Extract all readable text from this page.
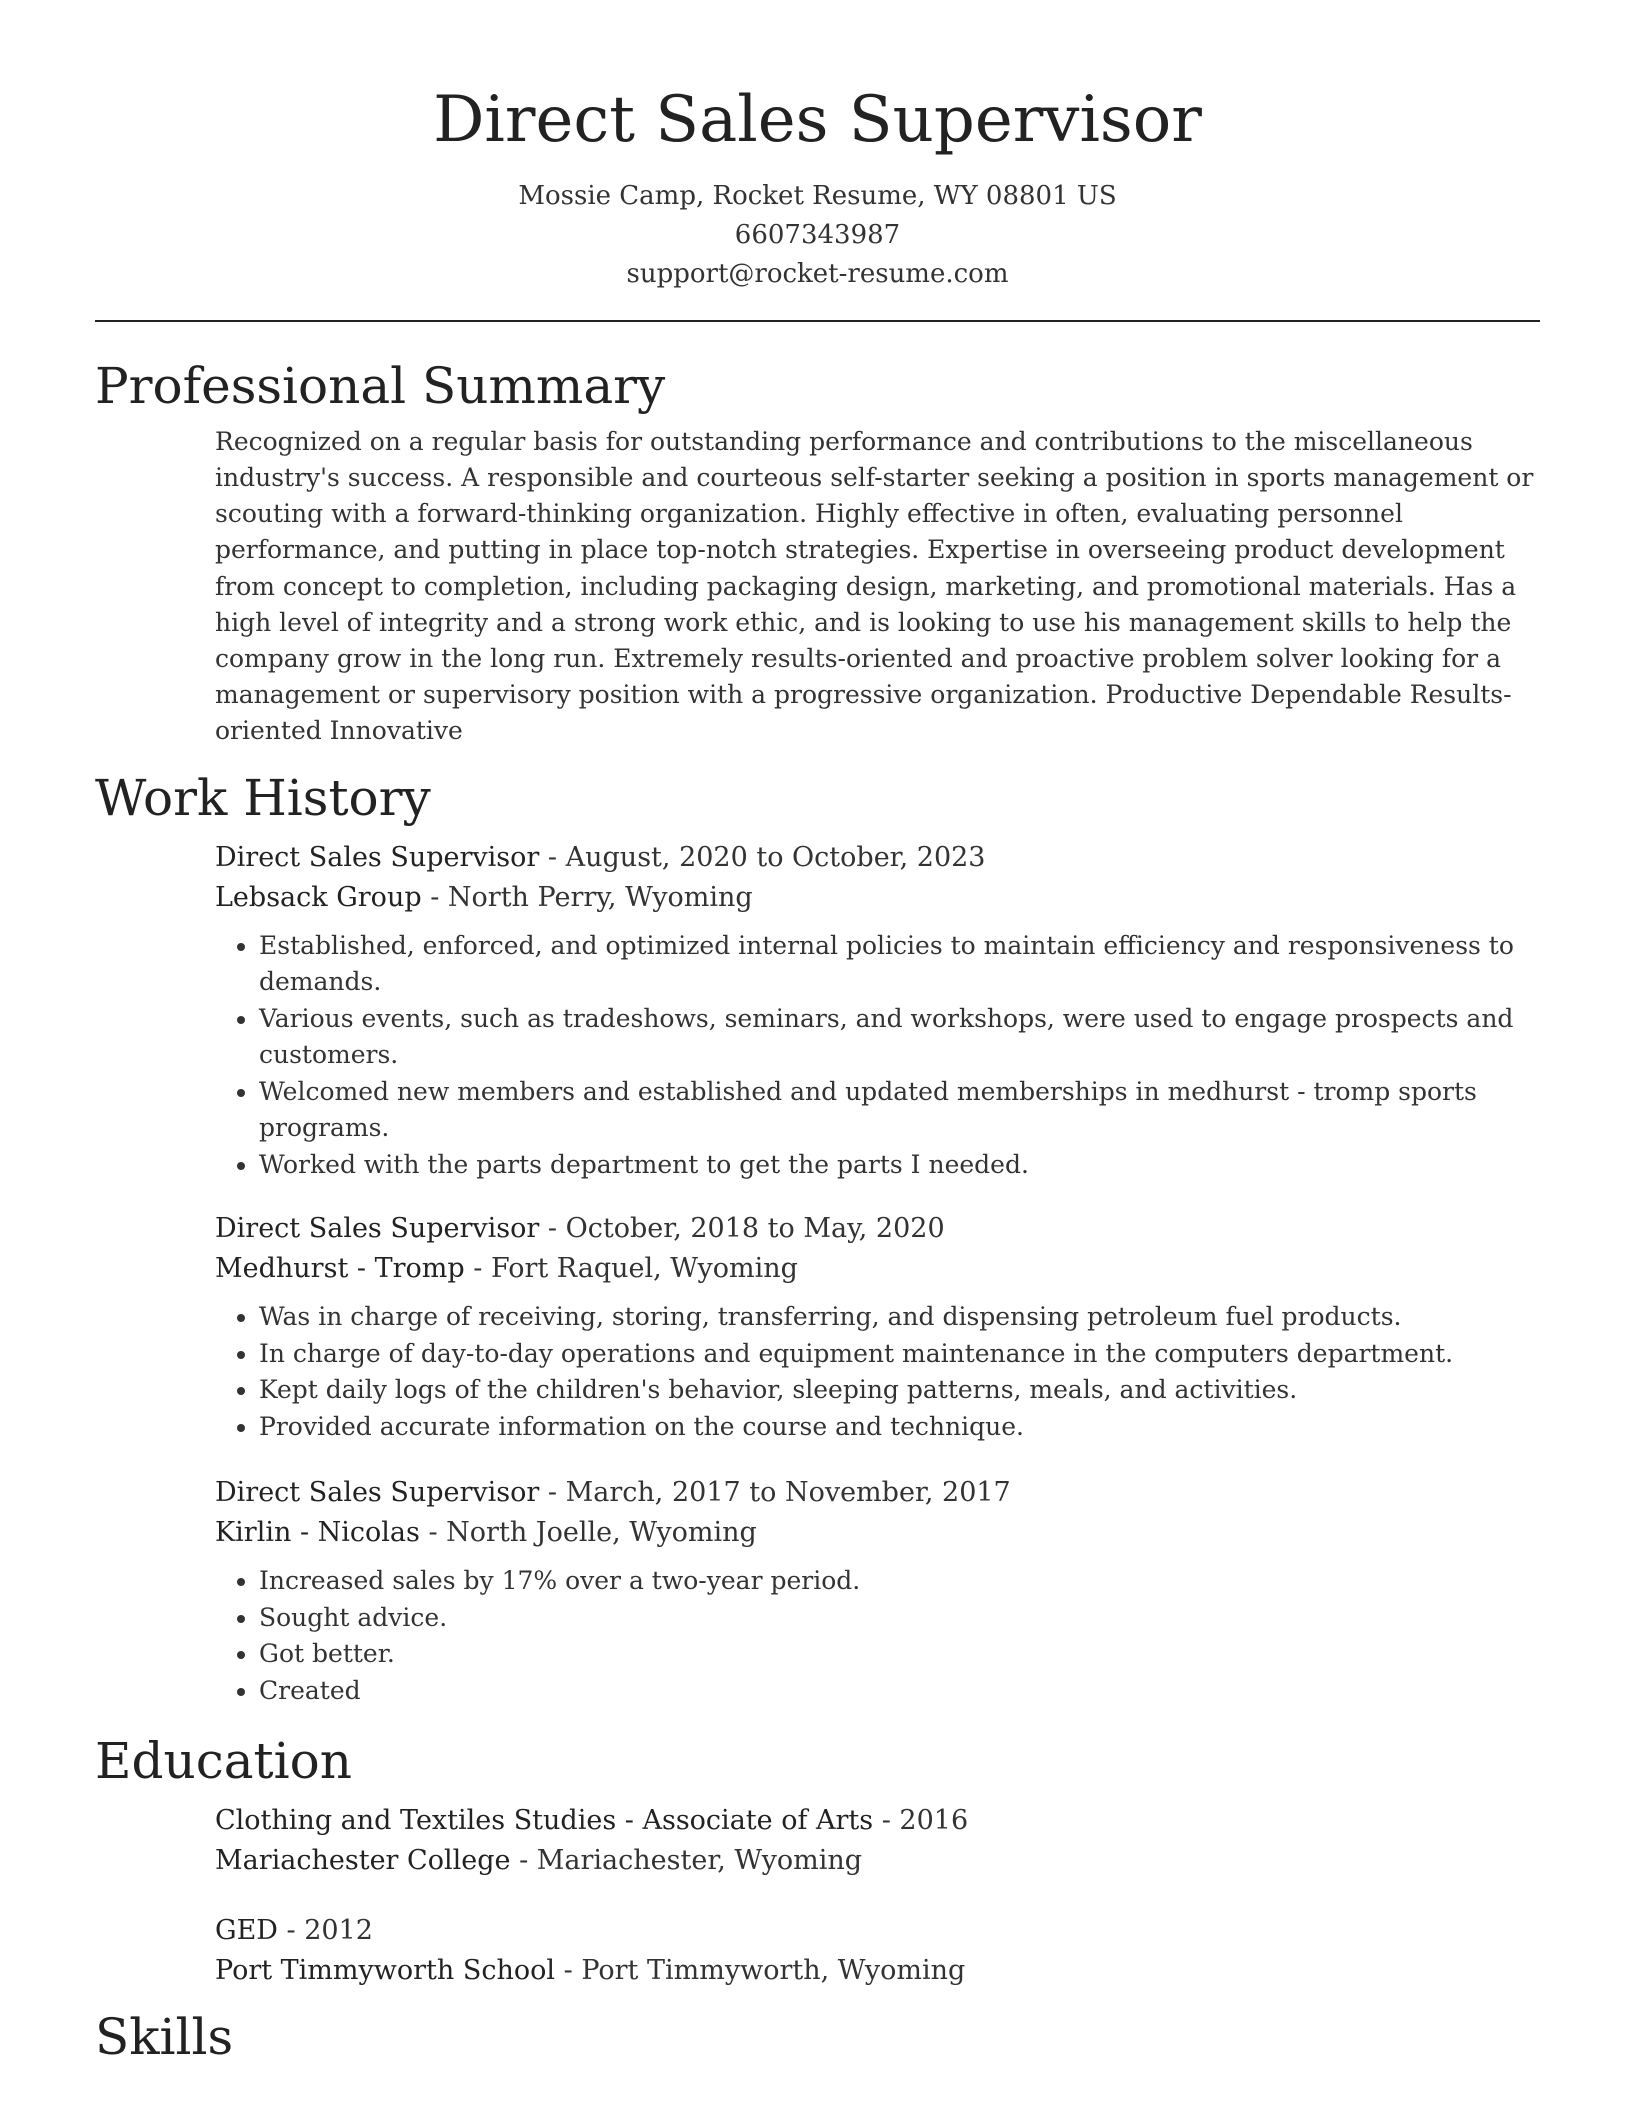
Direct Sales Supervisor
Mossie Camp, Rocket Resume, WY 08801 US
6607343987
support@rocket-resume.com
Professional Summary

Recognized on a regular basis for outstanding performance and contributions to the miscellaneous industry's success. A responsible and courteous self-starter seeking a position in sports management or scouting with a forward-thinking organization. Highly effective in often, evaluating personnel performance, and putting in place top-notch strategies. Expertise in overseeing product development from concept to completion, including packaging design, marketing, and promotional materials. Has a high level of integrity and a strong work ethic, and is looking to use his management skills to help the company grow in the long run. Extremely results-oriented and proactive problem solver looking for a management or supervisory position with a progressive organization. Productive Dependable Results-oriented Innovative

Work History
Direct Sales Supervisor - August, 2020 to October, 2023
Lebsack Group - North Perry, Wyoming
• Established, enforced, and optimized internal policies to maintain efficiency and responsiveness to demands.
• Various events, such as tradeshows, seminars, and workshops, were used to engage prospects and customers.
• Welcomed new members and established and updated memberships in medhurst - tromp sports programs.
• Worked with the parts department to get the parts I needed.
Direct Sales Supervisor - October, 2018 to May, 2020
Medhurst - Tromp - Fort Raquel, Wyoming
• Was in charge of receiving, storing, transferring, and dispensing petroleum fuel products.
• In charge of day-to-day operations and equipment maintenance in the computers department.
• Kept daily logs of the children's behavior, sleeping patterns, meals, and activities.
• Provided accurate information on the course and technique.
Direct Sales Supervisor - March, 2017 to November, 2017
Kirlin - Nicolas - North Joelle, Wyoming
• Increased sales by 17% over a two-year period.
• Sought advice.
• Got better.
• Created
Education
Clothing and Textiles Studies - Associate of Arts - 2016
Mariachester College - Mariachester, Wyoming
GED - 2012
Port Timmyworth School - Port Timmyworth, Wyoming
Skills
